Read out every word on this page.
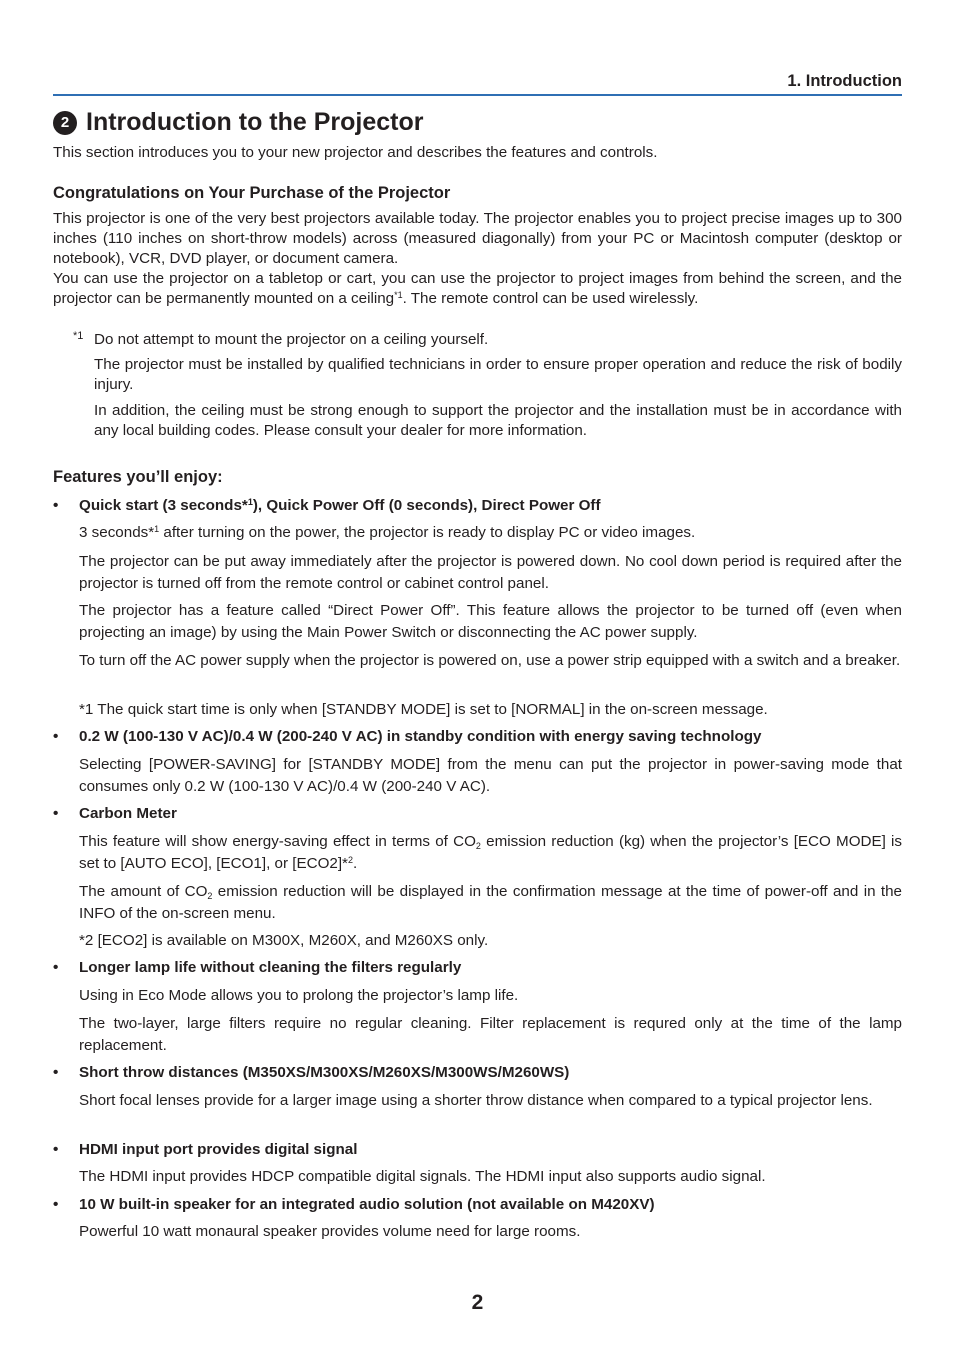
1. Introduction
2 Introduction to the Projector

This section introduces you to your new projector and describes the features and controls.

Congratulations on Your Purchase of the Projector

This projector is one of the very best projectors available today. The projector enables you to project precise images up to 300 inches (110 inches on short-throw models) across (measured diagonally) from your PC or Macintosh computer (desktop or notebook), VCR, DVD player, or document camera.

You can use the projector on a tabletop or cart, you can use the projector to project images from behind the screen, and the projector can be permanently mounted on a ceiling$^{*1}$. The remote control can be used wirelessly.

*1 Do not attempt to mount the projector on a ceiling yourself.

The projector must be installed by qualified technicians in order to ensure proper operation and reduce the risk of bodily injury.

In addition, the ceiling must be strong enough to support the projector and the installation must be in accordance with any local building codes. Please consult your dealer for more information.

Features you’ll enjoy:
• Quick start (3 seconds*$^1$), Quick Power Off (0 seconds), Direct Power Off

3 seconds*$^1$ after turning on the power, the projector is ready to display PC or video images.

The projector can be put away immediately after the projector is powered down. No cool down period is required after the projector is turned off from the remote control or cabinet control panel.

The projector has a feature called “Direct Power Off”. This feature allows the projector to be turned off (even when projecting an image) by using the Main Power Switch or disconnecting the AC power supply.

To turn off the AC power supply when the projector is powered on, use a power strip equipped with a switch and a breaker.

*1 The quick start time is only when [STANDBY MODE] is set to [NORMAL] in the on-screen message.

• 0.2 W (100-130 V AC)/0.4 W (200-240 V AC) in standby condition with energy saving technology

Selecting [POWER-SAVING] for [STANDBY MODE] from the menu can put the projector in power-saving mode that consumes only 0.2 W (100-130 V AC)/0.4 W (200-240 V AC).

• Carbon Meter

This feature will show energy-saving effect in terms of $CO_2$ emission reduction (kg) when the projector’s [ECO MODE] is set to [AUTO ECO], [ECO1], or [ECO2]*$^2$.

The amount of $CO_2$ emission reduction will be displayed in the confirmation message at the time of power-off and in the INFO of the on-screen menu.

*2 [ECO2] is available on M300X, M260X, and M260XS only.

• Longer lamp life without cleaning the filters regularly

Using in Eco Mode allows you to prolong the projector’s lamp life.

The two-layer, large filters require no regular cleaning. Filter replacement is requred only at the time of the lamp replacement.

• Short throw distances (M350XS/M300XS/M260XS/M300WS/M260WS)

Short focal lenses provide for a larger image using a shorter throw distance when compared to a typical projector lens.

• HDMI input port provides digital signal

The HDMI input provides HDCP compatible digital signals. The HDMI input also supports audio signal.

• 10 W built-in speaker for an integrated audio solution (not available on M420XV)

Powerful 10 watt monaural speaker provides volume need for large rooms.

2
